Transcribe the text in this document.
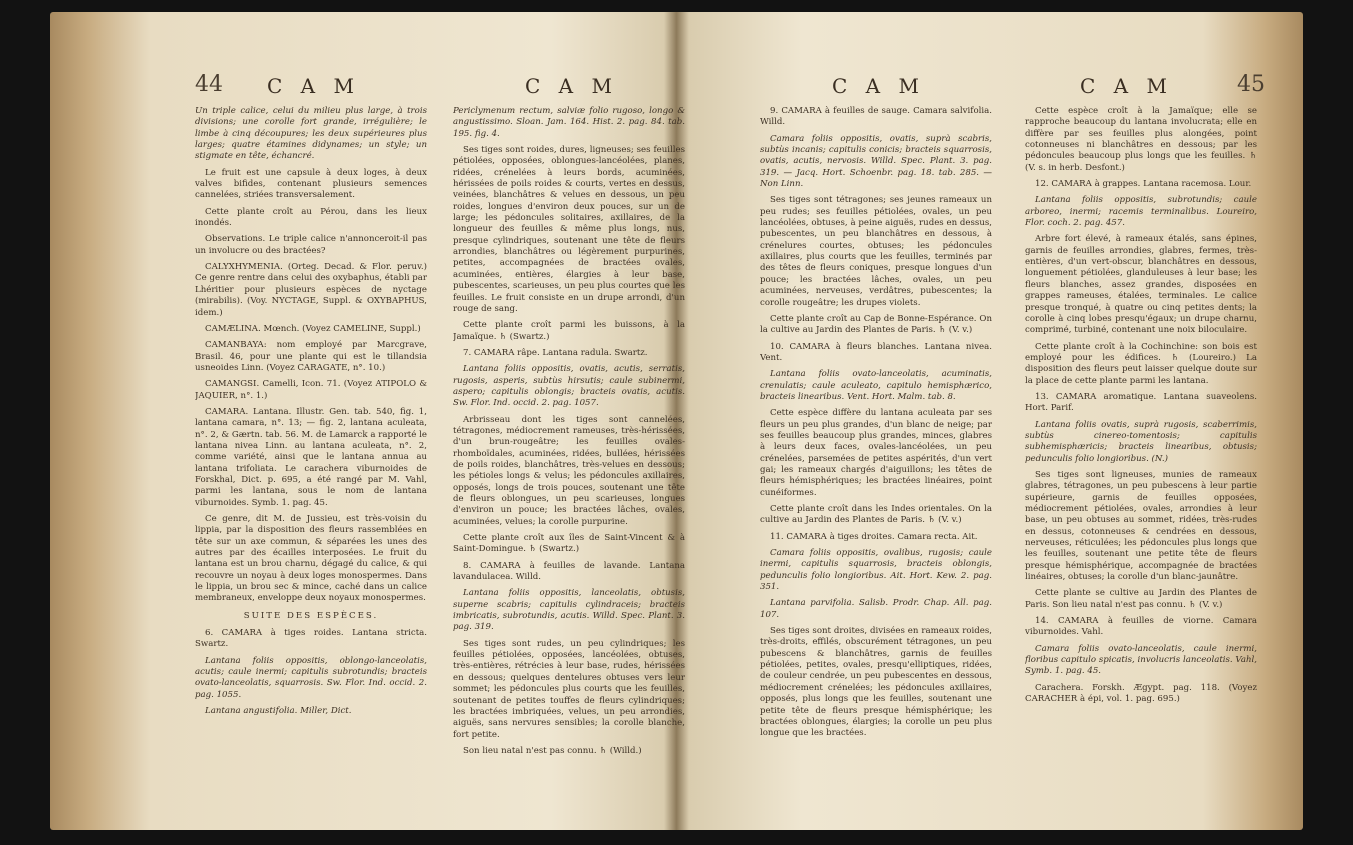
44 C A M	C A M

Un triple calice, celui du milieu plus large, à trois divisions; une corolle fort grande, irrégulière; le limbe à cinq découpures; les deux supérieures plus larges; quatre étamines didynames; un style; un stigmate en tête, échancré.

Le fruit est une capsule à deux loges, à deux valves bifides, contenant plusieurs semences cannelées, striées transversalement.

Cette plante croît au Pérou, dans les lieux inondés.

Observations. Le triple calice n'annonceroit-il pas un involucre ou des bractées?

CALYXHYMENIA. (Orteg. Decad. & Flor. peruv.) Ce genre rentre dans celui des oxybaphus, établi par Lhéritier pour plusieurs espèces de nyctage (mirabilis). (Voy. NYCTAGE, Suppl. & OXYBAPHUS, idem.)

CAMÆLINA. Mœnch. (Voyez CAMELINE, Suppl.)

CAMANBAYA: nom employé par Marcgrave, Brasil. 46, pour une plante qui est le tillandsia usneoides Linn. (Voyez CARAGATE, n°. 10.)

CAMANGSI. Camelli, Icon. 71. (Voyez ATIPOLO & JAQUIER, n°. 1.)

CAMARA. Lantana. Illustr. Gen. tab. 540, fig. 1, lantana camara, n°. 13; — fig. 2, lantana aculeata, n°. 2, & Gærtn. tab. 56. M. de Lamarck a rapporté le lantana nivea Linn. au lantana aculeata, n°. 2, comme variété, ainsi que le lantana annua au lantana trifoliata. Le carachera viburnoides de Forskhal, Dict. p. 695, a été rangé par M. Vahl, parmi les lantana, sous le nom de lantana viburnoides. Symb. 1. pag. 45.

Ce genre, dit M. de Jussieu, est très-voisin du lippia, par la disposition des fleurs rassemblées en tête sur un axe commun, & séparées les unes des autres par des écailles interposées. Le fruit du lantana est un brou charnu, dégagé du calice, & qui recouvre un noyau à deux loges monospermes. Dans le lippia, un brou sec & mince, caché dans un calice membraneux, enveloppe deux noyaux monospermes.

SUITE DES ESPÈCES.

6. CAMARA à tiges roides. Lantana stricta. Swartz.

Lantana foliis oppositis, oblongo-lanceolatis, acutis; caule inermi; capitulis subrotundis; bracteis ovato-lanceolatis, squarrosis. Sw. Flor. Ind. occid. 2. pag. 1055.

Lantana angustifolia. Miller, Dict.

Periclymenum rectum, salviæ folio rugoso, longo & angustissimo. Sloan. Jam. 164. Hist. 2. pag. 84. tab. 195. fig. 4.

Ses tiges sont roides, dures, ligneuses; ses feuilles pétiolées, opposées, oblongues-lancéolées, planes, ridées, crénelées à leurs bords, acuminées, hérissées de poils roides & courts, vertes en dessus, veinées, blanchâtres & velues en dessous, un peu roides, longues d'environ deux pouces, sur un de large; les pédoncules solitaires, axillaires, de la longueur des feuilles & même plus longs, nus, presque cylindriques, soutenant une tête de fleurs arrondies, blanchâtres ou légèrement purpurines, petites, accompagnées de bractées ovales, acuminées, entières, élargies à leur base, pubescentes, scarieuses, un peu plus courtes que les feuilles. Le fruit consiste en un drupe arrondi, d'un rouge de sang.

Cette plante croît parmi les buissons, à la Jamaïque. ♄ (Swartz.)

7. CAMARA râpe. Lantana radula. Swartz.

Lantana foliis oppositis, ovatis, acutis, serratis, rugosis, asperis, subtùs hirsutis; caule subinermi, aspero; capitulis oblongis; bracteis ovatis, acutis. Sw. Flor. Ind. occid. 2. pag. 1057.

Arbrisseau dont les tiges sont cannelées, tétragones, médiocrement rameuses, très-hérissées, d'un brun-rougeâtre; les feuilles ovales-rhomboïdales, acuminées, ridées, bullées, hérissées de poils roides, blanchâtres, très-velues en dessous; les pétioles longs & velus; les pédoncules axillaires, opposés, longs de trois pouces, soutenant une tête de fleurs oblongues, un peu scarieuses, longues d'environ un pouce; les bractées lâches, ovales, acuminées, velues; la corolle purpurine.

Cette plante croît aux îles de Saint-Vincent & à Saint-Domingue. ♄ (Swartz.)

8. CAMARA à feuilles de lavande. Lantana lavandulacea. Willd.

Lantana foliis oppositis, lanceolatis, obtusis, superne scabris; capitulis cylindraceis; bracteis imbricatis, subrotundis, acutis. Willd. Spec. Plant. 3. pag. 319.

Ses tiges sont rudes, un peu cylindriques; les feuilles pétiolées, opposées, lancéolées, obtuses, très-entières, rétrécies à leur base, rudes, hérissées en dessous; quelques dentelures obtuses vers leur sommet; les pédoncules plus courts que les feuilles, soutenant de petites touffes de fleurs cylindriques; les bractées imbriquées, velues, un peu arrondies, aiguës, sans nervures sensibles; la corolle blanche, fort petite.

Son lieu natal n'est pas connu. ♄ (Willd.)

C A M	C A M	45

9. CAMARA à feuilles de sauge. Camara salvifolia. Willd.

Camara foliis oppositis, ovatis, suprà scabris, subtùs incanis; capitulis conicis; bracteis squarrosis, ovatis, acutis, nervosis. Willd. Spec. Plant. 3. pag. 319. — Jacq. Hort. Schoenbr. pag. 18. tab. 285. — Non Linn.

Ses tiges sont tétragones; ses jeunes rameaux un peu rudes; ses feuilles pétiolées, ovales, un peu lancéolées, obtuses, à peine aiguës, rudes en dessus, pubescentes, un peu blanchâtres en dessous, à crénelures courtes, obtuses; les pédoncules axillaires, plus courts que les feuilles, terminés par des têtes de fleurs coniques, presque longues d'un pouce; les bractées lâches, ovales, un peu acuminées, nerveuses, verdâtres, pubescentes; la corolle rougeâtre; les drupes violets.

Cette plante croît au Cap de Bonne-Espérance. On la cultive au Jardin des Plantes de Paris. ♄ (V. v.)

10. CAMARA à fleurs blanches. Lantana nivea. Vent.

Lantana foliis ovato-lanceolatis, acuminatis, crenulatis; caule aculeato, capitulo hemisphærico, bracteis linearibus. Vent. Hort. Malm. tab. 8.

Cette espèce diffère du lantana aculeata par ses fleurs un peu plus grandes, d'un blanc de neige; par ses feuilles beaucoup plus grandes, minces, glabres à leurs deux faces, ovales-lancéolées, un peu crénelées, parsemées de petites aspérités, d'un vert gai; les rameaux chargés d'aiguillons; les têtes de fleurs hémisphériques; les bractées linéaires, point cunéiformes.

Cette plante croît dans les Indes orientales. On la cultive au Jardin des Plantes de Paris. ♄ (V. v.)

11. CAMARA à tiges droites. Camara recta. Ait.

Camara foliis oppositis, ovalibus, rugosis; caule inermi, capitulis squarrosis, bracteis oblongis, pedunculis folio longioribus. Ait. Hort. Kew. 2. pag. 351.

Lantana parvifolia. Salisb. Prodr. Chap. All. pag. 107.

Ses tiges sont droites, divisées en rameaux roides, très-droits, effilés, obscurément tétragones, un peu pubescens & blanchâtres, garnis de feuilles pétiolées, petites, ovales, presqu'elliptiques, ridées, de couleur cendrée, un peu pubescentes en dessous, médiocrement crénelées; les pédoncules axillaires, opposés, plus longs que les feuilles, soutenant une petite tête de fleurs presque hémisphérique; les bractées oblongues, élargies; la corolle un peu plus longue que les bractées.

Cette espèce croît à la Jamaïque; elle se rapproche beaucoup du lantana involucrata; elle en diffère par ses feuilles plus alongées, point cotonneuses ni blanchâtres en dessous; par les pédoncules beaucoup plus longs que les feuilles. ♄ (V. s. in herb. Desfont.)

12. CAMARA à grappes. Lantana racemosa. Lour.

Lantana foliis oppositis, subrotundis; caule arboreo, inermi; racemis terminalibus. Loureiro, Flor. coch. 2. pag. 457.

Arbre fort élevé, à rameaux étalés, sans épines, garnis de feuilles arrondies, glabres, fermes, très-entières, d'un vert-obscur, blanchâtres en dessous, longuement pétiolées, glanduleuses à leur base; les fleurs blanches, assez grandes, disposées en grappes rameuses, étalées, terminales. Le calice presque tronqué, à quatre ou cinq petites dents; la corolle à cinq lobes presqu'égaux; un drupe charnu, comprimé, turbiné, contenant une noix biloculaire.

Cette plante croît à la Cochinchine: son bois est employé pour les édifices. ♄ (Loureiro.) La disposition des fleurs peut laisser quelque doute sur la place de cette plante parmi les lantana.

13. CAMARA aromatique. Lantana suaveolens. Hort. Parif.

Lantana foliis ovatis, suprà rugosis, scaberrimis, subtùs cinereo-tomentosis; capitulis subhemisphæricis; bracteis linearibus, obtusis; pedunculis folio longioribus. (N.)

Ses tiges sont ligneuses, munies de rameaux glabres, tétragones, un peu pubescens à leur partie supérieure, garnis de feuilles opposées, médiocrement pétiolées, ovales, arrondies à leur base, un peu obtuses au sommet, ridées, très-rudes en dessus, cotonneuses & cendrées en dessous, nerveuses, réticulées; les pédoncules plus longs que les feuilles, soutenant une petite tête de fleurs presque hémisphérique, accompagnée de bractées linéaires, obtuses; la corolle d'un blanc-jaunâtre.

Cette plante se cultive au Jardin des Plantes de Paris. Son lieu natal n'est pas connu. ♄ (V. v.)

14. CAMARA à feuilles de viorne. Camara viburnoides. Vahl.

Camara foliis ovato-lanceolatis, caule inermi, floribus capitulo spicatis, involucris lanceolatis. Vahl, Symb. 1. pag. 45.

Carachera. Forskh. Ægypt. pag. 118. (Voyez CARACHER à épi, vol. 1. pag. 695.)
